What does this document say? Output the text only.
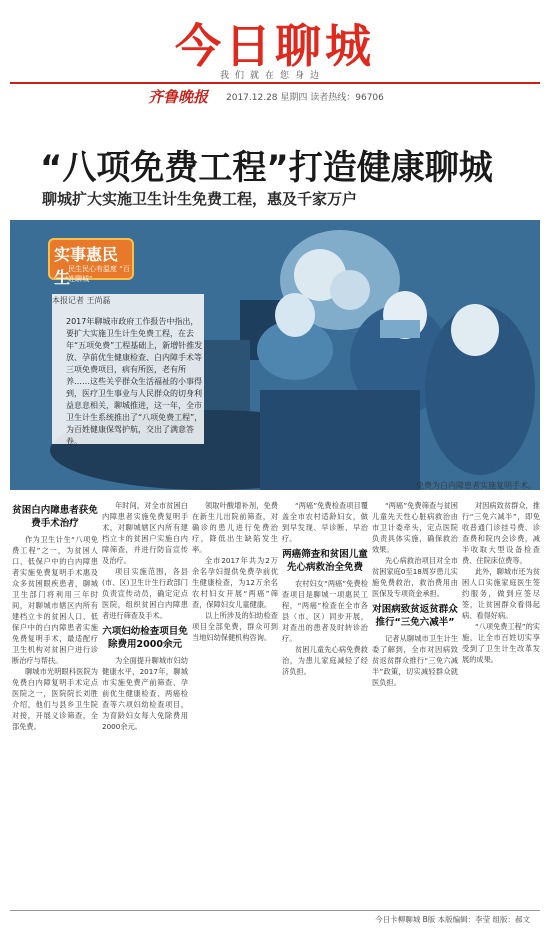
今日聊城
我们就在您身边
齐鲁晚报 2017.12.28 星期四 读者热线：96706
“八项免费工程”打造健康聊城
聊城扩大实施卫生计生免费工程，惠及千家万户
实事惠民生
民生民心有温度 “百姓聊城”
本报记者 王尚磊
2017年聊城市政府工作报告中指出，要扩大实施卫生计生免费工程，在去年“五项免费”工程基础上，新增针推发放、孕前优生健康检查、白内障手术等三项免费项目，病有所医，老有所养……这些关乎群众生活福祉的小事得到，医疗卫生事业与人民群众的切身利益息息相关，聊城推进，这一年，全市卫生计生系统推出了“八项免费工程”，为百姓健康保驾护航，交出了满意答卷。
免费为白内障患者实施复明手术。
贫困白内障患者获免费手术治疗

作为卫生计生“八项免费工程”之一，为贫困人口、低保户中的白内障患者实施免费复明手术惠及众多贫困眼疾患者，聊城卫生部门将利用三年时间，对聊城市辖区内所有建档立卡的贫困人口、低保户中的白内障患者实施免费复明手术，最适配疗卫生机构对贫困户进行诊断治疗与帮扶。

聊城市光明眼科医院为免费白内障复明手术定点医院之一，医院院长刘胜介绍，他们与县乡卫生院对接，开展义诊筛查，全部免费。

年时间，对全市贫困白内障患者实施免费复明手术，对聊城辖区内所有建档立卡的贫困户实施白内障筛查，并进行防盲宣传及治疗。

项目实施范围，各县(市、区)卫生计生行政部门负责宣传动员，确定定点医院，组织贫困白内障患者进行筛查及手术。

六项妇幼检查项目免除费用2000余元

为全面提升聊城市妇幼健康水平，2017年，聊城市实施免费产前筛查、孕前优生健康检查、两癌检查等六项妇幼检查项目，为育龄妇女每人免除费用2000余元。

领取叶酸增补剂，免费在新生儿出院前筛查，对确诊的患儿进行免费治疗，降低出生缺陷发生率。

全市2017年共为2万余名孕妇提供免费孕前优生健康检查，为12万余名农村妇女开展“两癌”筛查，保障妇女儿童健康。

以上所涉及的妇幼检查项目全部免费，群众可到当地妇幼保健机构咨询。

“两癌”免费检查项目覆盖全市农村适龄妇女，做到早发现、早诊断、早治疗。

两癌筛查和贫困儿童先心病救治全免费

农村妇女“两癌”免费检查项目是聊城一项惠民工程，“两癌”检查在全市各县（市、区）同步开展，对查出的患者及时转诊治疗。

贫困儿童先心病免费救治，为患儿家庭减轻了经济负担。

“两癌”免费筛查与贫困儿童先天性心脏病救治由市卫计委牵头，定点医院负责具体实施，确保救治效果。

先心病救治项目对全市贫困家庭0至18周岁患儿实施免费救治，救治费用由医保及专项资金承担。

对困病致贫返贫群众推行“三免六减半”

记者从聊城市卫生计生委了解到，全市对因病致贫返贫群众推行“三免六减半”政策，切实减轻群众就医负担。

对因病致贫群众，推行“三免六减半”，即免收普通门诊挂号费、诊查费和院内会诊费，减半收取大型设备检查费、住院床位费等。

此外，聊城市还为贫困人口实施家庭医生签约服务，做到应签尽签，让贫困群众看得起病、看得好病。

“八项免费工程”的实施，让全市百姓切实享受到了卫生计生改革发展的成果。

今日卡柳聊城 B版 本版编辑：李莹 组版：郝文
